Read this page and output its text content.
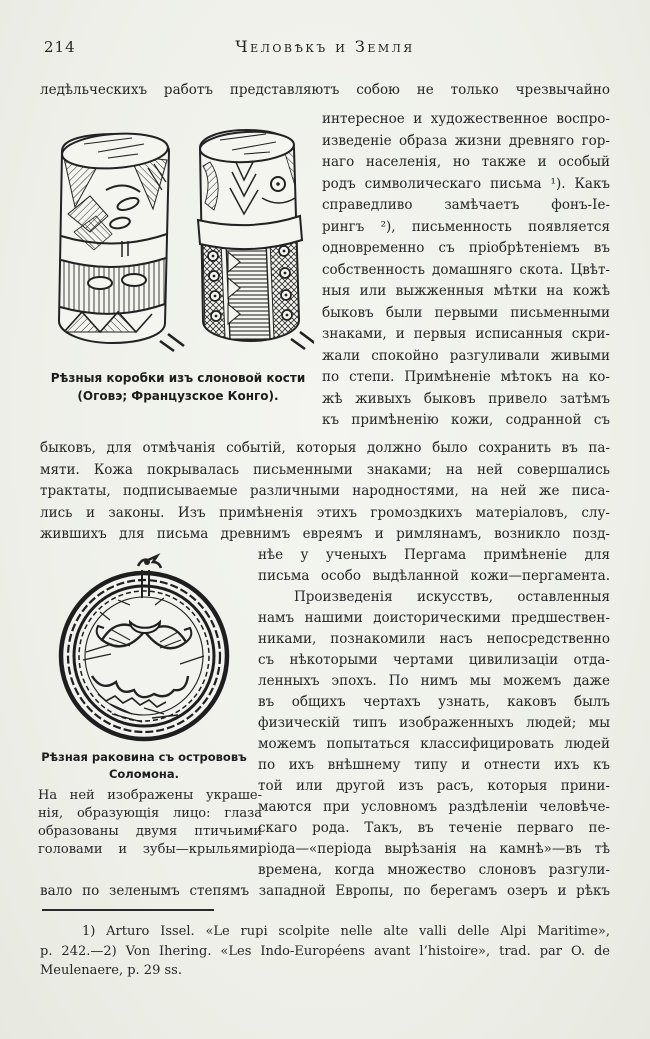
214	Человѣкъ и Земля
ледѣльческихъ работъ представляютъ собою не только чрезвычайно
Рѣзныя коробки изъ слоновой кости
(Оговэ; Французское Конго).
интересное и художественное воспро-
изведеніе образа жизни древняго гор-
наго населенія, но также и особый
родъ символическаго письма ¹). Какъ
справедливо замѣчаетъ фонъ-Іе-
рингъ ²), письменность появляется
одновременно съ пріобрѣтеніемъ въ
собственность домашняго скота. Цвѣт-
ныя или выжженныя мѣтки на кожѣ
быковъ были первыми письменными
знаками, и первыя исписанныя скри-
жали спокойно разгуливали живыми
по степи. Примѣненіе мѣтокъ на ко-
жѣ живыхъ быковъ привело затѣмъ
къ примѣненію кожи, содранной съ
быковъ, для отмѣчанія событій, которыя должно было сохранить въ па-
мяти. Кожа покрывалась письменными знаками; на ней совершались
трактаты, подписываемые различными народностями, на ней же писа-
лись и законы. Изъ примѣненія этихъ громоздкихъ матеріаловъ, слу-
жившихъ для письма древнимъ евреямъ и римлянамъ, возникло позд-
Рѣзная раковина съ острововъ
Соломона.
На ней изображены украше-
нія, образующія лицо: глаза
образованы двумя птичьими
головами и зубы—крыльями.
нѣе у ученыхъ Пергама примѣненіе для
письма особо выдѣланной кожи—пергамента.
Произведенія искусствъ, оставленныя
намъ нашими доисторическими предшествен-
никами, познакомили насъ непосредственно
съ нѣкоторыми чертами цивилизаціи отда-
ленныхъ эпохъ. По нимъ мы можемъ даже
въ общихъ чертахъ узнать, каковъ былъ
физическій типъ изображенныхъ людей; мы
можемъ попытаться классифицировать людей
по ихъ внѣшнему типу и отнести ихъ къ
той или другой изъ расъ, которыя прини-
маются при условномъ раздѣленіи человѣче-
скаго рода. Такъ, въ теченіе перваго пе-
ріода—«періода вырѣзанія на камнѣ»—въ тѣ
времена, когда множество слоновъ разгули-
вало по зеленымъ степямъ западной Европы, по берегамъ озеръ и рѣкъ
1) Arturo Issel. «Le rupi scolpite nelle alte valli delle Alpi Maritime»,
p. 242.—2) Von Ihering. «Les Indo-Européens avant l’histoire», trad. par O. de
Meulenaere, p. 29 ss.
